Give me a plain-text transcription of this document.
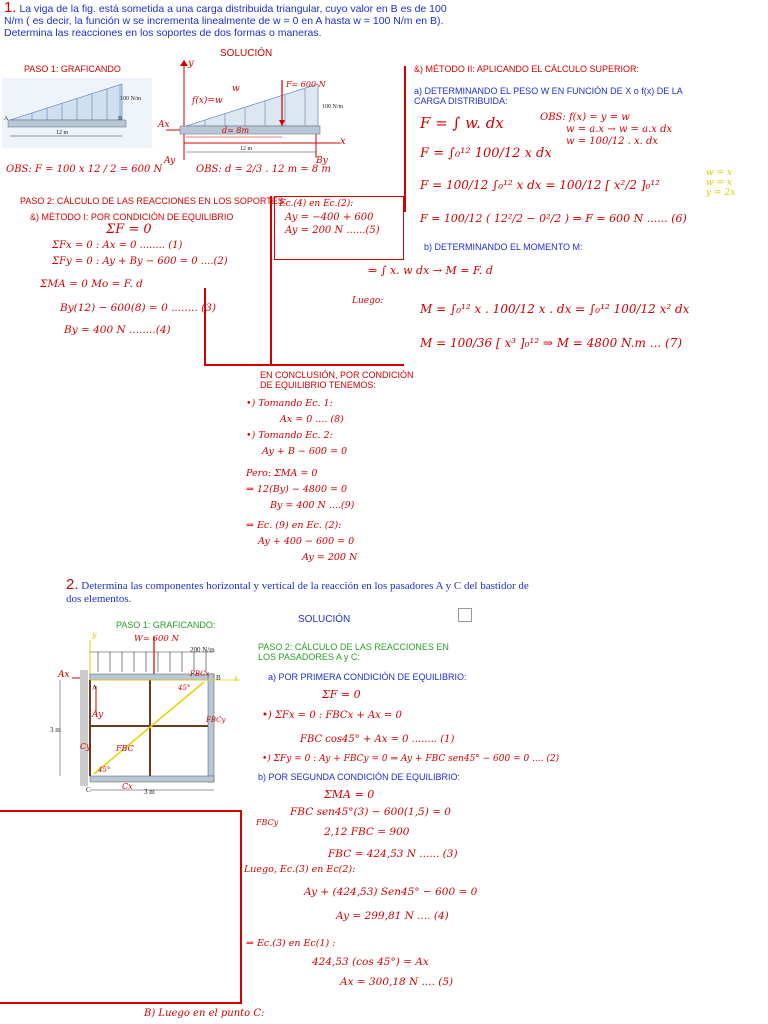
1. La viga de la fig. está sometida a una carga distribuida triangular, cuyo valor en B es de 100 N/m ( es decir, la función w se incrementa linealmente de w = 0 en A hasta w = 100 N/m en B). Determina las reacciones en los soportes de dos formas o maneras.
SOLUCIÓN
PASO 1: GRAFICANDO
100 N/m
12 m
A	B
y
x
f(x)=w
w	F= 600 N
d= 8m
Ax
Ay	By
100 N/m
12 m
OBS: F = 100 x 12 / 2 = 600 N	OBS: d = 2/3 . 12 m = 8 m
PASO 2: CÁLCULO DE LAS REACCIONES EN LOS SOPORTES:
&) MÉTODO I: POR CONDICIÓN DE EQUILIBRIO
ΣF = 0
ΣFx = 0 : Ax = 0 ........ (1)
ΣFy = 0 : Ay + By − 600 = 0 ....(2)
ΣMA = 0 Mo = F. d
By(12) − 600(8) = 0 ........ (3)
By = 400 N ........(4)
Ec.(4) en Ec.(2):
Ay = −400 + 600
Ay = 200 N ......(5)
&) MÉTODO II: APLICANDO EL CÁLCULO SUPERIOR:
a) DETERMINANDO EL PESO W EN FUNCIÓN DE X o f(x) DE LA CARGA DISTRIBUIDA:
F = ∫ w. dx	OBS: f(x) = y = w
w = a.x → w = a.x dx
w = 100/12 . x. dx
F = ∫₀¹² 100/12 x dx
F = 100/12 ∫₀¹² x dx = 100/12 [ x²/2 ]₀¹²
F = 100/12 ( 12²/2 − 0²/2 ) ⇒ F = 600 N ...... (6)
w = x
w = x
y = 2x
b) DETERMINANDO EL MOMENTO M:
⇒ ∫ x. w dx → M = F. d
Luego:
M = ∫₀¹² x . 100/12 x . dx = ∫₀¹² 100/12 x² dx
M = 100/36 [ x³ ]₀¹² ⇒ M = 4800 N.m ... (7)
EN CONCLUSIÓN, POR CONDICIÓN DE EQUILIBRIO TENEMOS:
•) Tomando Ec. 1:
Ax = 0 .... (8)
•) Tomando Ec. 2:
Ay + B − 600 = 0
Pero: ΣMA = 0
⇒ 12(By) − 4800 = 0
By = 400 N ....(9)
⇒ Ec. (9) en Ec. (2):
Ay + 400 − 600 = 0
Ay = 200 N
2. Determina las componentes horizontal y vertical de la reacción en los pasadores A y C del bastidor de dos elementos.
SOLUCIÓN
PASO 1: GRAFICANDO:
W= 600 N
200 N/m
Ax
Ay
A
B
C
Cy
Cx
FBC
FBCy
FBCx
45°
45°
3 m
3 m
x
y
PASO 2: CÁLCULO DE LAS REACCIONES EN LOS PASADORES A y C:
a) POR PRIMERA CONDICIÓN DE EQUILIBRIO:
ΣF = 0
•) ΣFx = 0 : FBCx + Ax = 0
FBC cos45° + Ax = 0 ........ (1)
•) ΣFy = 0 : Ay + FBCy = 0 ⇒ Ay + FBC sen45° − 600 = 0 .... (2)
b) POR SEGUNDA CONDICIÓN DE EQUILIBRIO:
ΣMA = 0
FBC sen45°(3) − 600(1,5) = 0
FBCy
2,12 FBC = 900
FBC = 424,53 N ...... (3)
Luego, Ec.(3) en Ec(2):
Ay + (424,53) Sen45° − 600 = 0
Ay = 299,81 N .... (4)
⇒ Ec.(3) en Ec(1) :
424,53 (cos 45°) = Ax
Ax = 300,18 N .... (5)
B) Luego en el punto C:
